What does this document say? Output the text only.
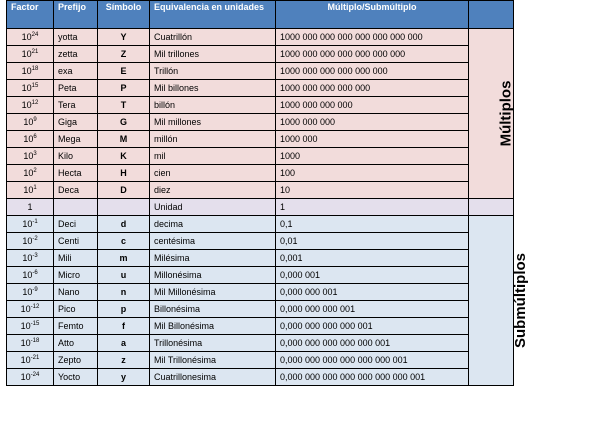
Factor	Prefijo	Símbolo	Equivalencia en unidades	Múltiplo/Submúltiplo	
$10^{24}$	yotta	Y	Cuatrillón	1000 000 000 000 000 000 000 000	Múltiplos
$10^{21}$	zetta	Z	Mil trillones	1000 000 000 000 000 000 000	
$10^{18}$	exa	E	Trillón	1000 000 000 000 000 000	
$10^{15}$	Peta	P	Mil billones	1000 000 000 000 000	
$10^{12}$	Tera	T	billón	1000 000 000 000	
$10^9$	Giga	G	Mil millones	1000 000 000	
$10^6$	Mega	M	millón	1000 000	
$10^3$	Kilo	K	mil	1000	
$10^2$	Hecta	H	cien	100	
$10^1$	Deca	D	diez	10	
1			Unidad	1	
$10^{-1}$	Deci	d	decima	0,1	Submúltiplos
$10^{-2}$	Centi	c	centésima	0,01	
$10^{-3}$	Mili	m	Milésima	0,001	
$10^{-6}$	Micro	u	Millonésima	0,000 001	
$10^{-9}$	Nano	n	Mil Millonésima	0,000 000 001	
$10^{-12}$	Pico	p	Billonésima	0,000 000 000 001	
$10^{-15}$	Femto	f	Mil Billonésima	0,000 000 000 000 001	
$10^{-18}$	Atto	a	Trillonésima	0,000 000 000 000 000 001	
$10^{-21}$	Zepto	z	Mil Trillonésima	0,000 000 000 000 000 000 001	
$10^{-24}$	Yocto	y	Cuatrillonesima	0,000 000 000 000 000 000 000 001	
